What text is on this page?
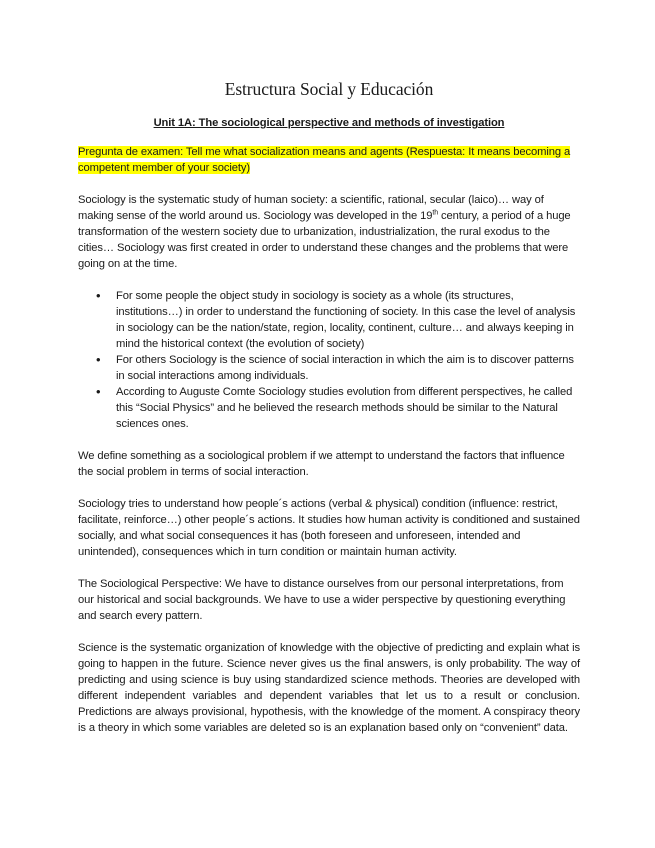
Estructura Social y Educación
Unit 1A: The sociological perspective and methods of investigation
Pregunta de examen: Tell me what socialization means and agents (Respuesta: It means becoming a competent member of your society)

Sociology is the systematic study of human society: a scientific, rational, secular (laico)… way of making sense of the world around us. Sociology was developed in the 19th century, a period of a huge transformation of the western society due to urbanization, industrialization, the rural exodus to the cities… Sociology was first created in order to understand these changes and the problems that were going on at the time.

• For some people the object study in sociology is society as a whole (its structures, institutions…) in order to understand the functioning of society. In this case the level of analysis in sociology can be the nation/state, region, locality, continent, culture… and always keeping in mind the historical context (the evolution of society)
• For others Sociology is the science of social interaction in which the aim is to discover patterns in social interactions among individuals.
• According to Auguste Comte Sociology studies evolution from different perspectives, he called this “Social Physics” and he believed the research methods should be similar to the Natural sciences ones.

We define something as a sociological problem if we attempt to understand the factors that influence the social problem in terms of social interaction.

Sociology tries to understand how people´s actions (verbal & physical) condition (influence: restrict, facilitate, reinforce…) other people´s actions. It studies how human activity is conditioned and sustained socially, and what social consequences it has (both foreseen and unforeseen, intended and unintended), consequences which in turn condition or maintain human activity.

The Sociological Perspective: We have to distance ourselves from our personal interpretations, from our historical and social backgrounds. We have to use a wider perspective by questioning everything and search every pattern.

Science is the systematic organization of knowledge with the objective of predicting and explain what is going to happen in the future. Science never gives us the final answers, is only probability. The way of predicting and using science is buy using standardized science methods. Theories are developed with different independent variables and dependent variables that let us to a result or conclusion. Predictions are always provisional, hypothesis, with the knowledge of the moment. A conspiracy theory is a theory in which some variables are deleted so is an explanation based only on “convenient” data.
